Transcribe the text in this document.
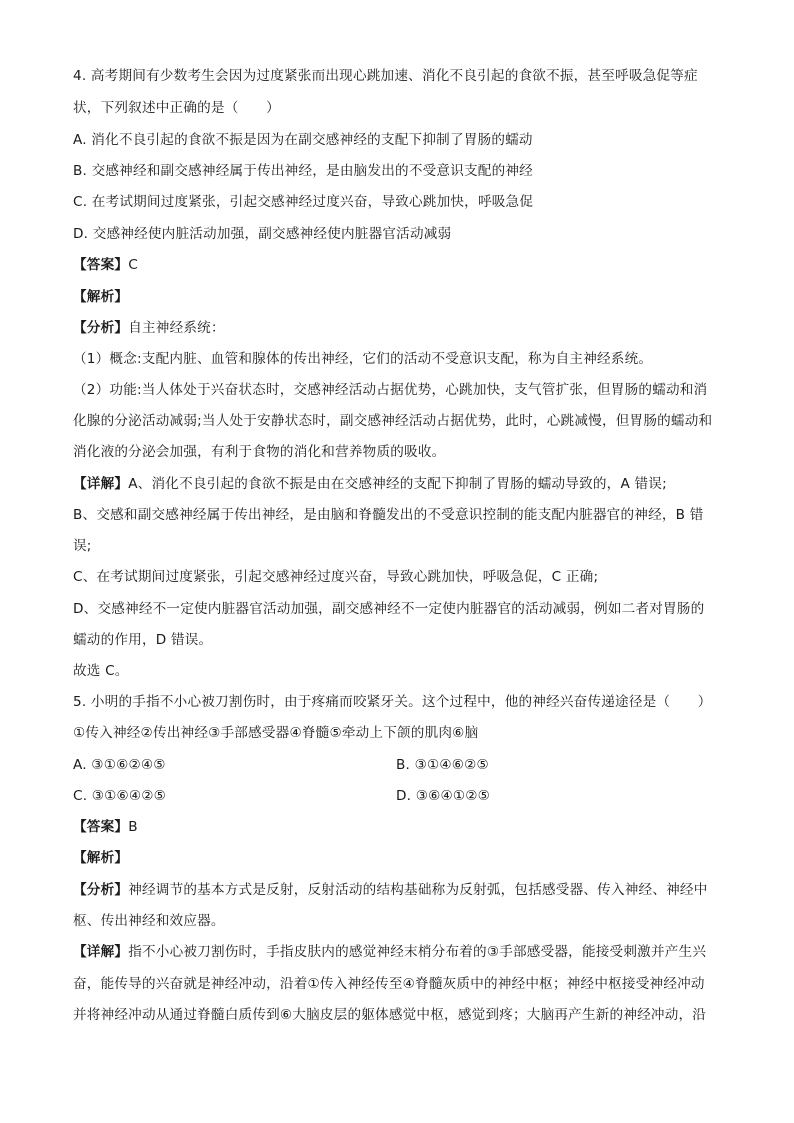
4. 高考期间有少数考生会因为过度紧张而出现心跳加速、消化不良引起的食欲不振，甚至呼吸急促等症
状，下列叙述中正确的是（　　）
A. 消化不良引起的食欲不振是因为在副交感神经的支配下抑制了胃肠的蠕动
B. 交感神经和副交感神经属于传出神经，是由脑发出的不受意识支配的神经
C. 在考试期间过度紧张，引起交感神经过度兴奋，导致心跳加快，呼吸急促
D. 交感神经使内脏活动加强，副交感神经使内脏器官活动减弱
【答案】C
【解析】
【分析】自主神经系统：
（1）概念:支配内脏、血管和腺体的传出神经，它们的活动不受意识支配，称为自主神经系统。
（2）功能:当人体处于兴奋状态时，交感神经活动占据优势，心跳加快，支气管扩张，但胃肠的蠕动和消
化腺的分泌活动减弱;当人处于安静状态时，副交感神经活动占据优势，此时，心跳减慢，但胃肠的蠕动和
消化液的分泌会加强，有利于食物的消化和营养物质的吸收。
【详解】A、消化不良引起的食欲不振是由在交感神经的支配下抑制了胃肠的蠕动导致的，A 错误;
B、交感和副交感神经属于传出神经，是由脑和脊髓发出的不受意识控制的能支配内脏器官的神经，B 错
误;
C、在考试期间过度紧张，引起交感神经过度兴奋，导致心跳加快，呼吸急促，C 正确;
D、交感神经不一定使内脏器官活动加强，副交感神经不一定使内脏器官的活动减弱，例如二者对胃肠的
蠕动的作用，D 错误。
故选 C。
5. 小明的手指不小心被刀割伤时，由于疼痛而咬紧牙关。这个过程中，他的神经兴奋传递途径是（　　）
①传入神经②传出神经③手部感受器④脊髓⑤牵动上下颌的肌肉⑥脑
A. ③①⑥②④⑤	B. ③①④⑥②⑤
C. ③①⑥④②⑤	D. ③⑥④①②⑤
【答案】B
【解析】
【分析】神经调节的基本方式是反射，反射活动的结构基础称为反射弧，包括感受器、传入神经、神经中
枢、传出神经和效应器。
【详解】指不小心被刀割伤时，手指皮肤内的感觉神经末梢分布着的③手部感受器，能接受刺激并产生兴
奋，能传导的兴奋就是神经冲动，沿着①传入神经传至④脊髓灰质中的神经中枢；神经中枢接受神经冲动
并将神经冲动从通过脊髓白质传到⑥大脑皮层的躯体感觉中枢，感觉到疼；大脑再产生新的神经冲动，沿
